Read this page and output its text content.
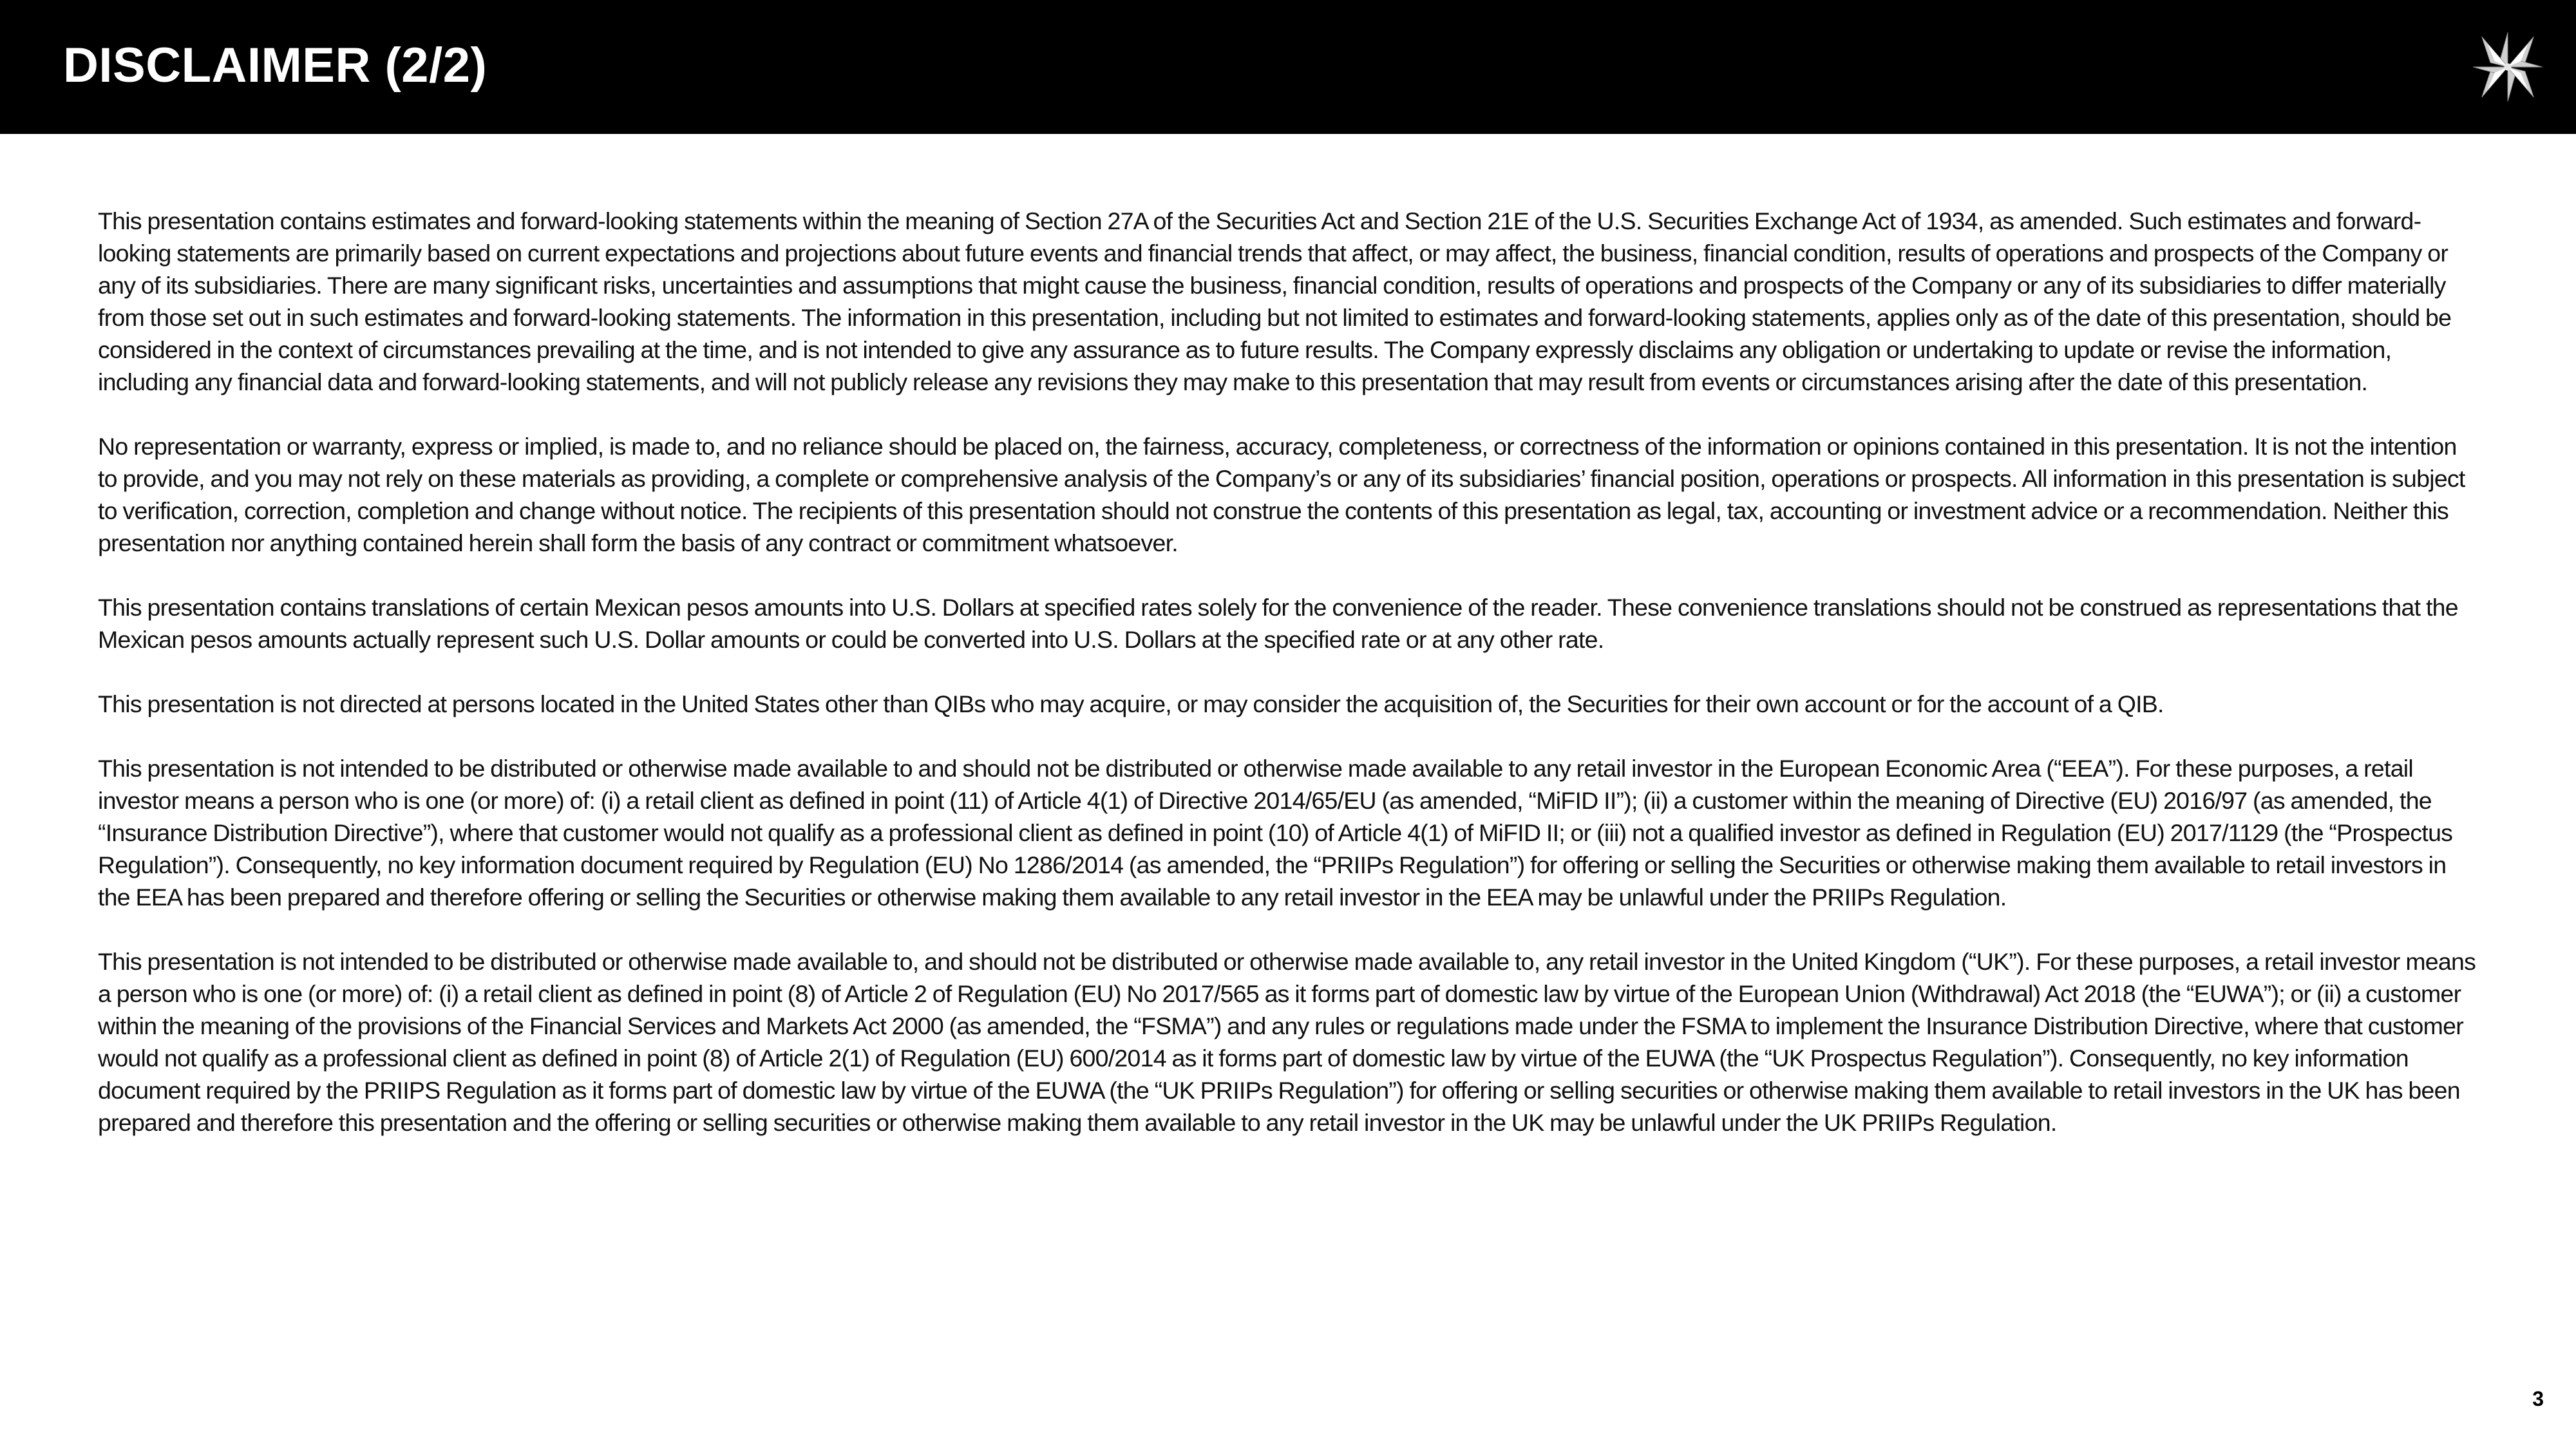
DISCLAIMER (2/2)

This presentation contains estimates and forward-looking statements within the meaning of Section 27A of the Securities Act and Section 21E of the U.S. Securities Exchange Act of 1934, as amended. Such estimates and forward-looking statements are primarily based on current expectations and projections about future events and financial trends that affect, or may affect, the business, financial condition, results of operations and prospects of the Company or any of its subsidiaries. There are many significant risks, uncertainties and assumptions that might cause the business, financial condition, results of operations and prospects of the Company or any of its subsidiaries to differ materially from those set out in such estimates and forward-looking statements. The information in this presentation, including but not limited to estimates and forward-looking statements, applies only as of the date of this presentation, should be considered in the context of circumstances prevailing at the time, and is not intended to give any assurance as to future results. The Company expressly disclaims any obligation or undertaking to update or revise the information, including any financial data and forward-looking statements, and will not publicly release any revisions they may make to this presentation that may result from events or circumstances arising after the date of this presentation.

No representation or warranty, express or implied, is made to, and no reliance should be placed on, the fairness, accuracy, completeness, or correctness of the information or opinions contained in this presentation. It is not the intention to provide, and you may not rely on these materials as providing, a complete or comprehensive analysis of the Company’s or any of its subsidiaries’ financial position, operations or prospects. All information in this presentation is subject to verification, correction, completion and change without notice. The recipients of this presentation should not construe the contents of this presentation as legal, tax, accounting or investment advice or a recommendation. Neither this presentation nor anything contained herein shall form the basis of any contract or commitment whatsoever.

This presentation contains translations of certain Mexican pesos amounts into U.S. Dollars at specified rates solely for the convenience of the reader. These convenience translations should not be construed as representations that the Mexican pesos amounts actually represent such U.S. Dollar amounts or could be converted into U.S. Dollars at the specified rate or at any other rate.

This presentation is not directed at persons located in the United States other than QIBs who may acquire, or may consider the acquisition of, the Securities for their own account or for the account of a QIB.

This presentation is not intended to be distributed or otherwise made available to and should not be distributed or otherwise made available to any retail investor in the European Economic Area (“EEA”). For these purposes, a retail investor means a person who is one (or more) of: (i) a retail client as defined in point (11) of Article 4(1) of Directive 2014/65/EU (as amended, “MiFID II”); (ii) a customer within the meaning of Directive (EU) 2016/97 (as amended, the “Insurance Distribution Directive”), where that customer would not qualify as a professional client as defined in point (10) of Article 4(1) of MiFID II; or (iii) not a qualified investor as defined in Regulation (EU) 2017/1129 (the “Prospectus Regulation”). Consequently, no key information document required by Regulation (EU) No 1286/2014 (as amended, the “PRIIPs Regulation”) for offering or selling the Securities or otherwise making them available to retail investors in the EEA has been prepared and therefore offering or selling the Securities or otherwise making them available to any retail investor in the EEA may be unlawful under the PRIIPs Regulation.

This presentation is not intended to be distributed or otherwise made available to, and should not be distributed or otherwise made available to, any retail investor in the United Kingdom (“UK”). For these purposes, a retail investor means a person who is one (or more) of: (i) a retail client as defined in point (8) of Article 2 of Regulation (EU) No 2017/565 as it forms part of domestic law by virtue of the European Union (Withdrawal) Act 2018 (the “EUWA”); or (ii) a customer within the meaning of the provisions of the Financial Services and Markets Act 2000 (as amended, the “FSMA”) and any rules or regulations made under the FSMA to implement the Insurance Distribution Directive, where that customer would not qualify as a professional client as defined in point (8) of Article 2(1) of Regulation (EU) 600/2014 as it forms part of domestic law by virtue of the EUWA (the “UK Prospectus Regulation”). Consequently, no key information document required by the PRIIPS Regulation as it forms part of domestic law by virtue of the EUWA (the “UK PRIIPs Regulation”) for offering or selling securities or otherwise making them available to retail investors in the UK has been prepared and therefore this presentation and the offering or selling securities or otherwise making them available to any retail investor in the UK may be unlawful under the UK PRIIPs Regulation.

3
